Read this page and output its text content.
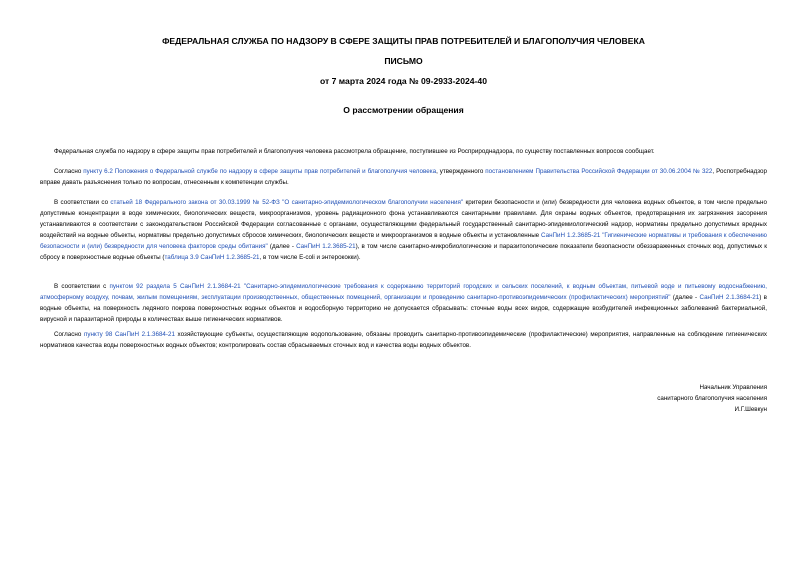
ФЕДЕРАЛЬНАЯ СЛУЖБА ПО НАДЗОРУ В СФЕРЕ ЗАЩИТЫ ПРАВ ПОТРЕБИТЕЛЕЙ И БЛАГОПОЛУЧИЯ ЧЕЛОВЕКА
ПИСЬМО
от 7 марта 2024 года № 09-2933-2024-40
О рассмотрении обращения

Федеральная служба по надзору в сфере защиты прав потребителей и благополучия человека рассмотрела обращение, поступившее из Росприроднадзора, по существу поставленных вопросов сообщает.

Согласно пункту 6.2 Положения о Федеральной службе по надзору в сфере защиты прав потребителей и благополучия человека, утвержденного постановлением Правительства Российской Федерации от 30.06.2004 № 322, Роспотребнадзор вправе давать разъяснения только по вопросам, отнесенным к компетенции службы.

В соответствии со статьей 18 Федерального закона от 30.03.1999 № 52-ФЗ "О санитарно-эпидемиологическом благополучии населения" критерии безопасности и (или) безвредности для человека водных объектов, в том числе предельно допустимые концентрации в воде химических, биологических веществ, микроорганизмов, уровень радиационного фона устанавливаются санитарными правилами. Для охраны водных объектов, предотвращения их загрязнения засорения устанавливаются в соответствии с законодательством Российской Федерации согласованные с органами, осуществляющими федеральный государственный санитарно-эпидемиологический надзор, нормативы предельно допустимых вредных воздействий на водные объекты, нормативы предельно допустимых сбросов химических, биологических веществ и микроорганизмов в водные объекты и установленные СанПиН 1.2.3685-21 "Гигиенические нормативы и требования к обеспечению безопасности и (или) безвредности для человека факторов среды обитания" (далее - СанПиН 1.2.3685-21), в том числе санитарно-микробиологические и паразитологические показатели безопасности обеззараженных сточных вод, допустимых к сбросу в поверхностные водные объекты (таблица 3.9 СанПиН 1.2.3685-21, в том числе E-coli и энтерококки).

В соответствии с пунктом 92 раздела 5 СанПиН 2.1.3684-21 "Санитарно-эпидемиологические требования к содержанию территорий городских и сельских поселений, к водным объектам, питьевой воде и питьевому водоснабжению, атмосферному воздуху, почвам, жилым помещениям, эксплуатации производственных, общественных помещений, организации и проведению санитарно-противоэпидемических (профилактических) мероприятий" (далее - СанПиН 2.1.3684-21) в водные объекты, на поверхность ледяного покрова поверхностных водных объектов и водосборную территорию не допускается сбрасывать: сточные воды всех видов, содержащие возбудителей инфекционных заболеваний бактериальной, вирусной и паразитарной природы в количествах выше гигиенических нормативов.

Согласно пункту 98 СанПиН 2.1.3684-21 хозяйствующие субъекты, осуществляющие водопользование, обязаны проводить санитарно-противоэпидемические (профилактические) мероприятия, направленные на соблюдение гигиенических нормативов качества воды поверхностных водных объектов; контролировать состав сбрасываемых сточных вод и качества воды водных объектов.

Начальник Управления
санитарного благополучия населения
И.Г.Шевкун
